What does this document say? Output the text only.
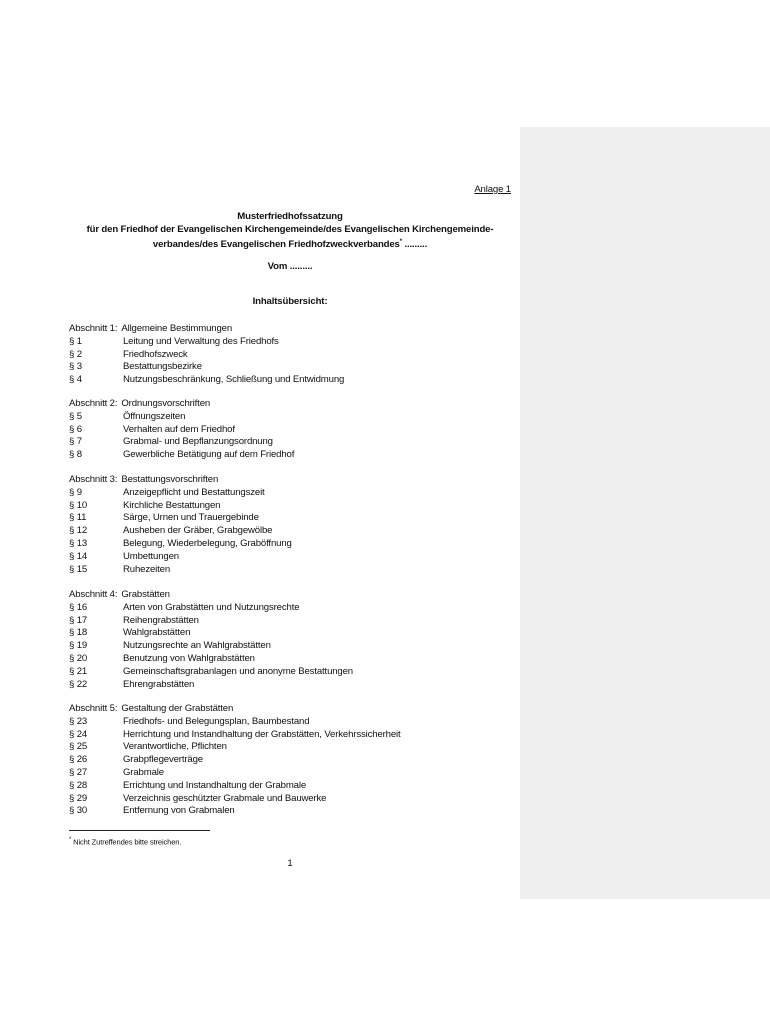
Anlage 1
Musterfriedhofssatzung
für den Friedhof der Evangelischen Kirchengemeinde/des Evangelischen Kirchengemeinde-
verbandes/des Evangelischen Friedhofzweckverbandes* .........
Vom .........
Inhaltsübersicht:
Abschnitt 1: Allgemeine Bestimmungen
§ 1	Leitung und Verwaltung des Friedhofs
§ 2	Friedhofszweck
§ 3	Bestattungsbezirke
§ 4	Nutzungsbeschränkung, Schließung und Entwidmung
Abschnitt 2: Ordnungsvorschriften
§ 5	Öffnungszeiten
§ 6	Verhalten auf dem Friedhof
§ 7	Grabmal- und Bepflanzungsordnung
§ 8	Gewerbliche Betätigung auf dem Friedhof
Abschnitt 3: Bestattungsvorschriften
§ 9	Anzeigepflicht und Bestattungszeit
§ 10	Kirchliche Bestattungen
§ 11	Särge, Urnen und Trauergebinde
§ 12	Ausheben der Gräber, Grabgewölbe
§ 13	Belegung, Wiederbelegung, Graböffnung
§ 14	Umbettungen
§ 15	Ruhezeiten
Abschnitt 4: Grabstätten
§ 16	Arten von Grabstätten und Nutzungsrechte
§ 17	Reihengrabstätten
§ 18	Wahlgrabstätten
§ 19	Nutzungsrechte an Wahlgrabstätten
§ 20	Benutzung von Wahlgrabstätten
§ 21	Gemeinschaftsgrabanlagen und anonyme Bestattungen
§ 22	Ehrengrabstätten
Abschnitt 5: Gestaltung der Grabstätten
§ 23	Friedhofs- und Belegungsplan, Baumbestand
§ 24	Herrichtung und Instandhaltung der Grabstätten, Verkehrssicherheit
§ 25	Verantwortliche, Pflichten
§ 26	Grabpflegeverträge
§ 27	Grabmale
§ 28	Errichtung und Instandhaltung der Grabmale
§ 29	Verzeichnis geschützter Grabmale und Bauwerke
§ 30	Entfernung von Grabmalen
* Nicht Zutreffendes bitte streichen.
1
